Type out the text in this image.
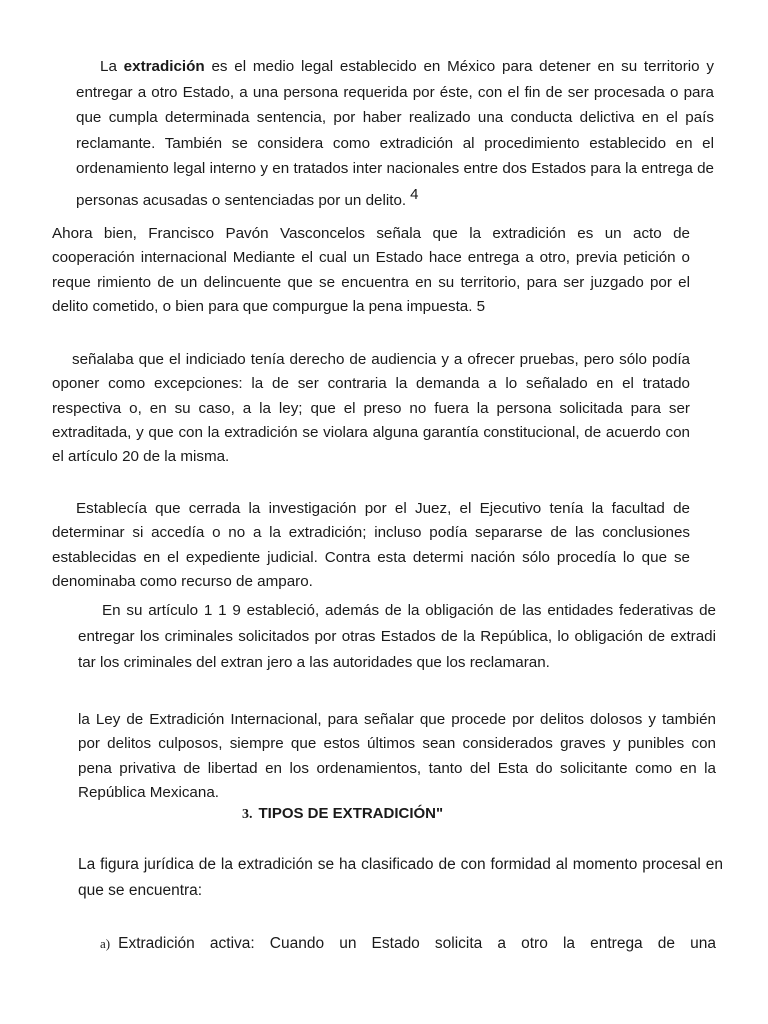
La extradición es el medio legal establecido en México para detener en su territorio y entregar a otro Estado, a una persona requerida por éste, con el fin de ser procesada o para que cumpla determinada sentencia, por haber realizado una conducta delictiva en el país reclamante. También se considera como extradición al procedimiento establecido en el ordenamiento legal interno y en tratados inter nacionales entre dos Estados para la entrega de personas acusadas o sentenciadas por un delito. 4

Ahora bien, Francisco Pavón Vasconcelos señala que la extradición es un acto de cooperación internacional Mediante el cual un Estado hace entrega a otro, previa petición o reque rimiento de un delincuente que se encuentra en su territorio, para ser juzgado por el delito cometido, o bien para que compurgue la pena impuesta. 5

señalaba que el indiciado tenía derecho de audiencia y a ofrecer pruebas, pero sólo podía oponer como excepciones: la de ser contraria la demanda a lo señalado en el tratado respectiva o, en su caso, a la ley; que el preso no fuera la persona solicitada para ser extraditada, y que con la extradición se violara alguna garantía constitucional, de acuerdo con el artículo 20 de la misma.

Establecía que cerrada la investigación por el Juez, el Ejecutivo tenía la facultad de determinar si accedía o no a la extradición; incluso podía separarse de las conclusiones establecidas en el expediente judicial. Contra esta determi nación sólo procedía lo que se denominaba como recurso de amparo.

En su artículo 1 1 9 estableció, además de la obligación de las entidades federativas de entregar los criminales solicitados por otras Estados de la República, lo obligación de extradi tar los criminales del extran jero a las autoridades que los reclamaran.

la Ley de Extradición Internacional, para señalar que procede por delitos dolosos y también por delitos culposos, siempre que estos últimos sean considerados graves y punibles con pena privativa de libertad en los ordenamientos, tanto del Esta do solicitante como en la República Mexicana.

3. TIPOS DE EXTRADICIÓN"

La figura jurídica de la extradición se ha clasificado de con formidad al momento procesal en que se encuentra:

a) Extradición activa: Cuando un Estado solicita a otro la entrega de una
